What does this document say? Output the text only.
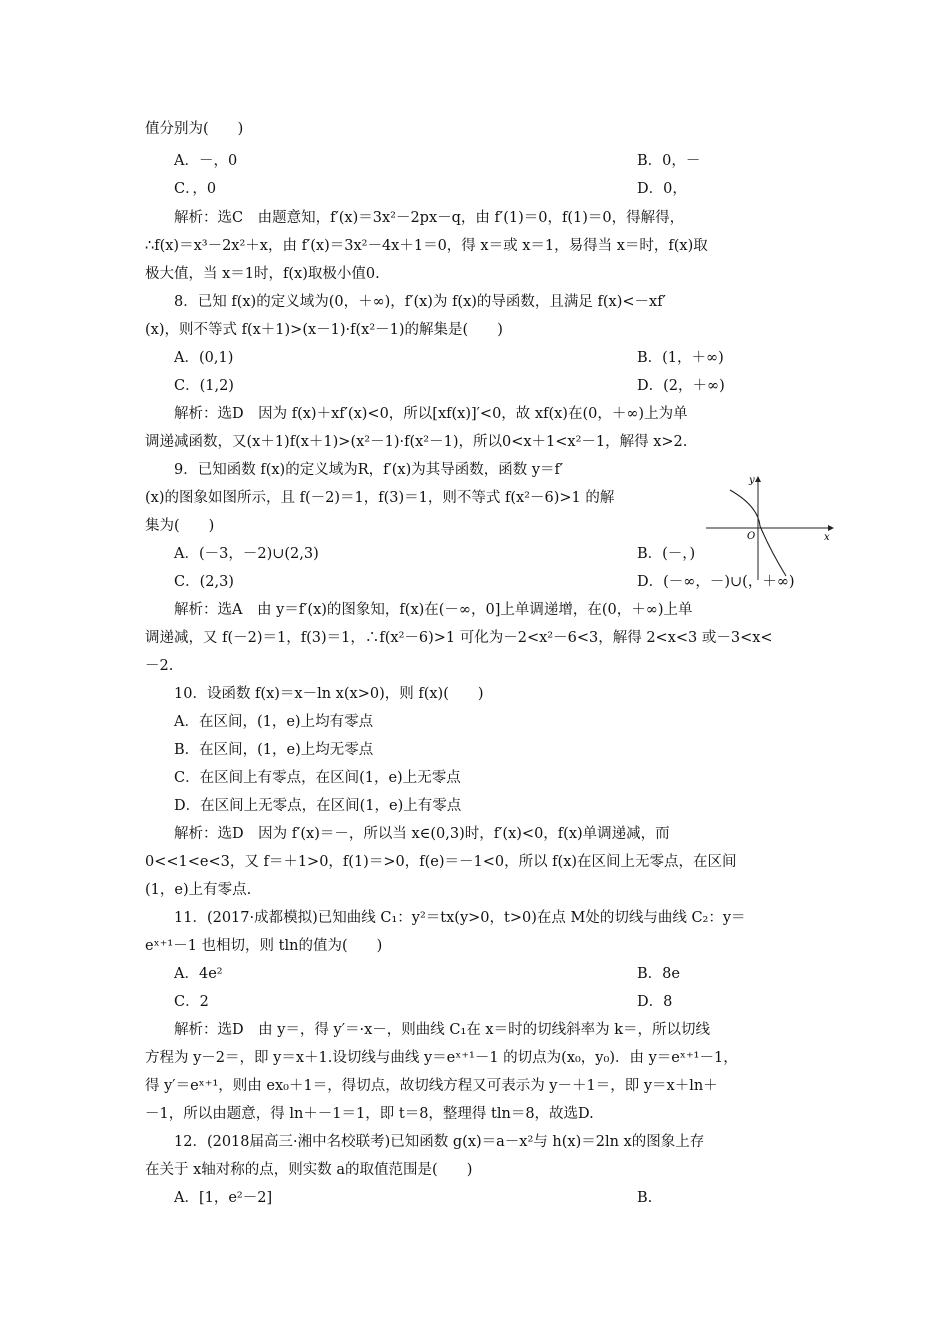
值分别为(　　)
A．－，0	B．0，－
C．，0	D．0，
解析：选C　由题意知，f′(x)＝3x²－2px－q，由 f′(1)＝0，f(1)＝0，得解得，
∴f(x)＝x³－2x²＋x，由 f′(x)＝3x²－4x＋1＝0，得 x＝或 x＝1，易得当 x＝时，f(x)取
极大值，当 x＝1时，f(x)取极小值0.
8．已知 f(x)的定义域为(0，＋∞)，f′(x)为 f(x)的导函数，且满足 f(x)<－xf′
(x)，则不等式 f(x＋1)>(x－1)·f(x²－1)的解集是(　　)
A．(0,1)	B．(1，＋∞)
C．(1,2)	D．(2，＋∞)
解析：选D　因为 f(x)＋xf′(x)<0，所以[xf(x)]′<0，故 xf(x)在(0，＋∞)上为单
调递减函数，又(x＋1)f(x＋1)>(x²－1)·f(x²－1)，所以0<x＋1<x²－1，解得 x>2.
9．已知函数 f(x)的定义域为R，f′(x)为其导函数，函数 y＝f′
(x)的图象如图所示，且 f(－2)＝1，f(3)＝1，则不等式 f(x²－6)>1 的解
集为(　　)
A．(－3，－2)∪(2,3)	B．(－，)
C．(2,3)	D．(－∞，－)∪(，＋∞)
解析：选A　由 y＝f′(x)的图象知，f(x)在(－∞，0]上单调递增，在(0，＋∞)上单
调递减，又 f(－2)＝1，f(3)＝1，∴f(x²－6)>1 可化为－2<x²－6<3，解得 2<x<3 或－3<x<
－2.
10．设函数 f(x)＝x－ln x(x>0)，则 f(x)(　　)
A．在区间，(1，e)上均有零点
B．在区间，(1，e)上均无零点
C．在区间上有零点，在区间(1，e)上无零点
D．在区间上无零点，在区间(1，e)上有零点
解析：选D　因为 f′(x)＝－，所以当 x∈(0,3)时，f′(x)<0，f(x)单调递减，而
0<<1<e<3，又 f＝＋1>0，f(1)＝>0，f(e)＝－1<0，所以 f(x)在区间上无零点，在区间
(1，e)上有零点.
11．(2017·成都模拟)已知曲线 C₁：y²＝tx(y>0，t>0)在点 M处的切线与曲线 C₂：y＝
eˣ⁺¹－1 也相切，则 tln的值为(　　)
A．4e²	B．8e
C．2	D．8
解析：选D　由 y＝，得 y′＝·x－，则曲线 C₁在 x＝时的切线斜率为 k＝，所以切线
方程为 y－2＝，即 y＝x＋1.设切线与曲线 y＝eˣ⁺¹－1 的切点为(x₀，y₀)．由 y＝eˣ⁺¹－1，
得 y′＝eˣ⁺¹，则由 ex₀＋1＝，得切点，故切线方程又可表示为 y－＋1＝，即 y＝x＋ln＋
－1，所以由题意，得 ln＋－1＝1，即 t＝8，整理得 tln＝8，故选D.
12．(2018届高三·湘中名校联考)已知函数 g(x)＝a－x²与 h(x)＝2ln x的图象上存
在关于 x轴对称的点，则实数 a的取值范围是(　　)
A．[1，e²－2]	B.
y
x
O
